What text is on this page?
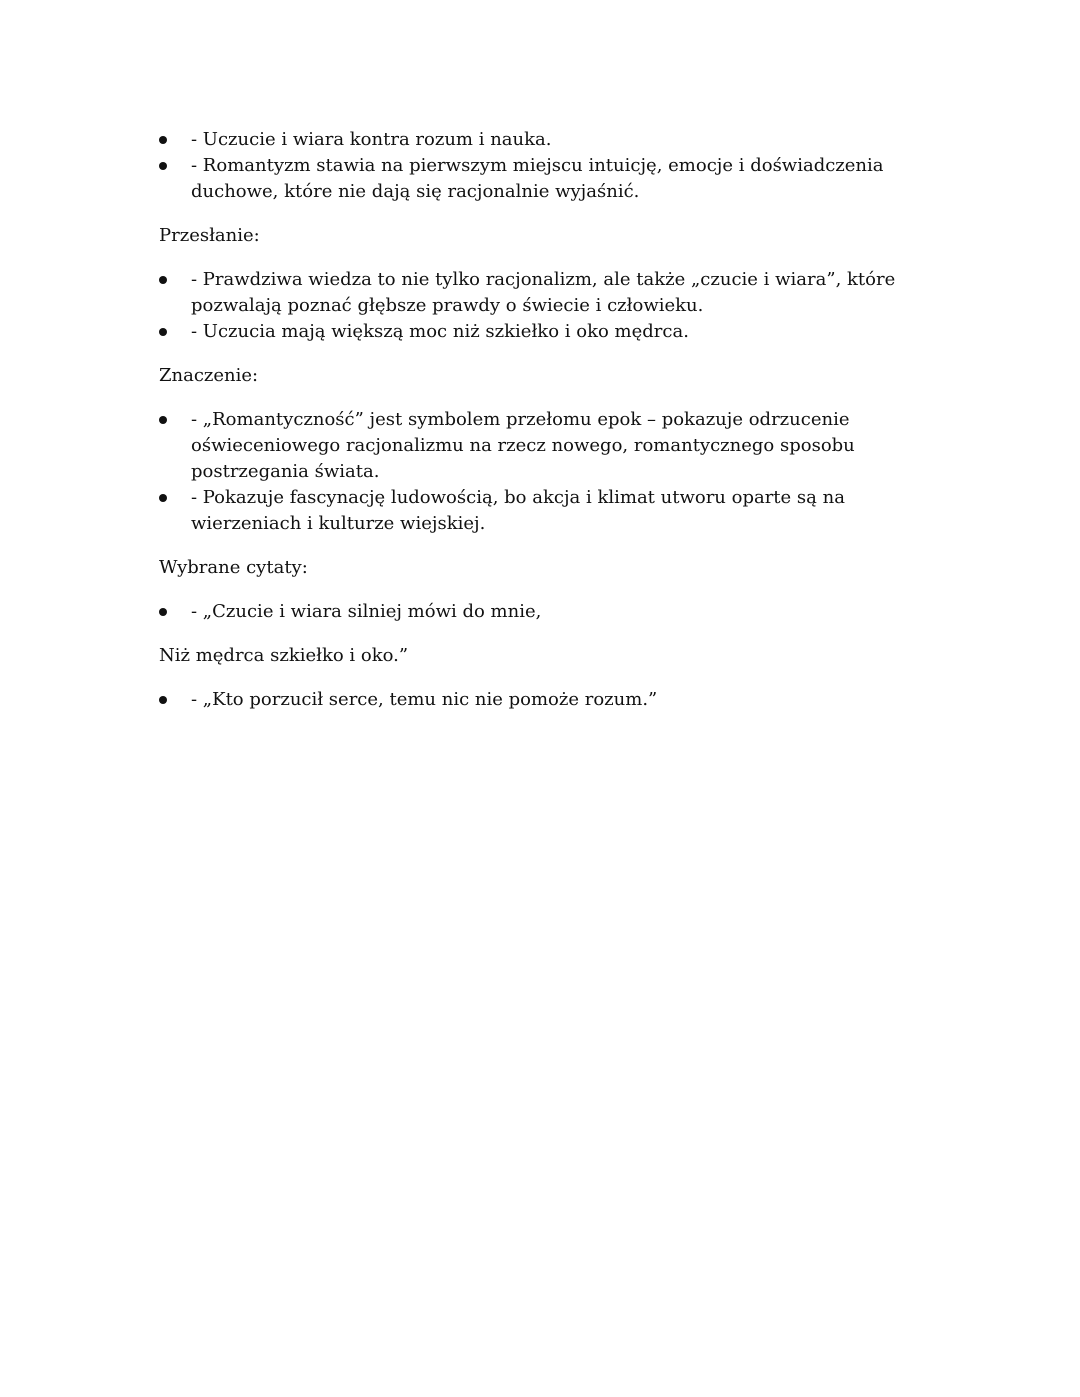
- Uczucie i wiara kontra rozum i nauka.
- Romantyzm stawia na pierwszym miejscu intuicję, emocje i doświadczenia duchowe, które nie dają się racjonalnie wyjaśnić.

Przesłanie:

- Prawdziwa wiedza to nie tylko racjonalizm, ale także „czucie i wiara”, które pozwalają poznać głębsze prawdy o świecie i człowieku.
- Uczucia mają większą moc niż szkiełko i oko mędrca.

Znaczenie:

- „Romantyczność” jest symbolem przełomu epok – pokazuje odrzucenie oświeceniowego racjonalizmu na rzecz nowego, romantycznego sposobu postrzegania świata.
- Pokazuje fascynację ludowością, bo akcja i klimat utworu oparte są na wierzeniach i kulturze wiejskiej.

Wybrane cytaty:

- „Czucie i wiara silniej mówi do mnie,

Niż mędrca szkiełko i oko.”

- „Kto porzucił serce, temu nic nie pomoże rozum.”
